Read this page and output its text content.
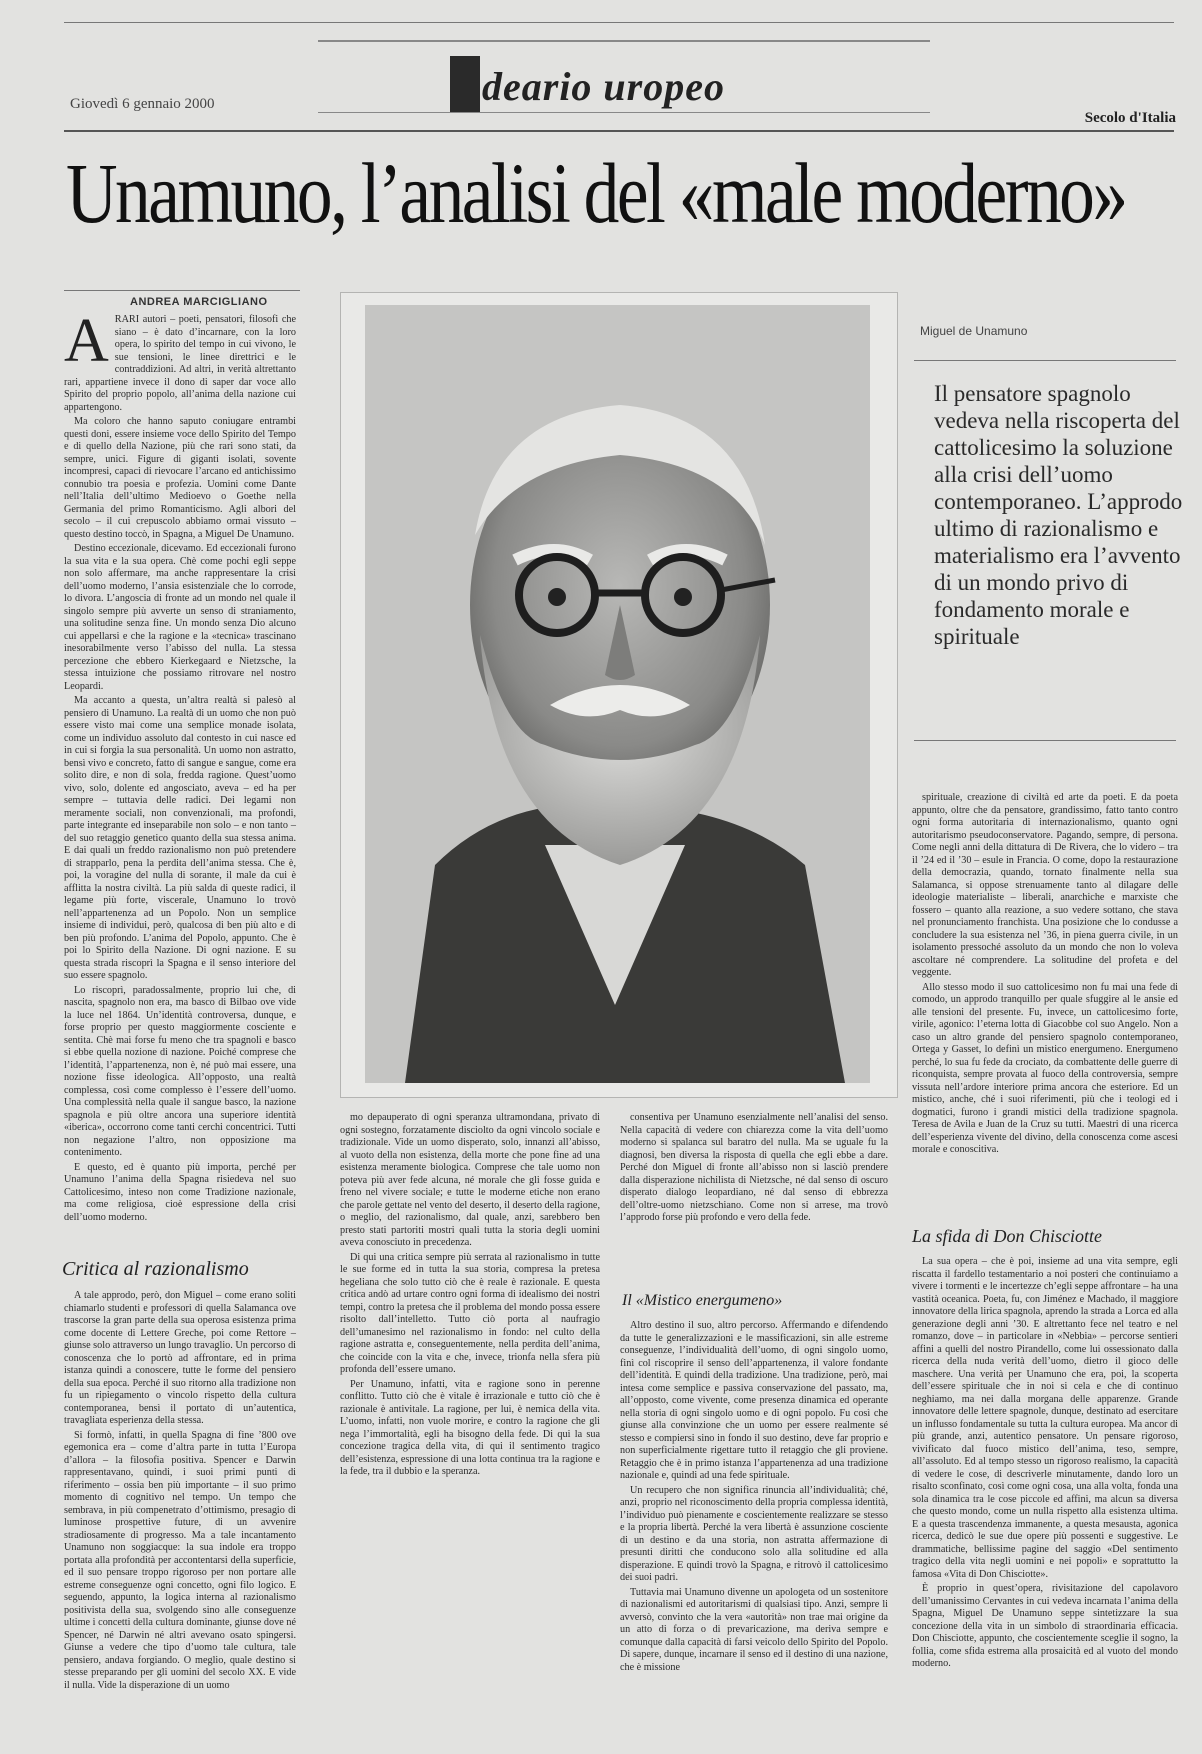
deario uropeo
Giovedì 6 gennaio 2000
Secolo d'Italia
Unamuno, l’analisi del «male moderno»
ANDREA MARCIGLIANO

ARARI autori – poeti, pensatori, filosofi che siano – è dato d’incarnare, con la loro opera, lo spirito del tempo in cui vivono, le sue tensioni, le linee direttrici e le contraddizioni. Ad altri, in verità altrettanto rari, appartiene invece il dono di saper dar voce allo Spirito del proprio popolo, all’anima della nazione cui appartengono.

Ma coloro che hanno saputo coniugare entrambi questi doni, essere insieme voce dello Spirito del Tempo e di quello della Nazione, più che rari sono stati, da sempre, unici. Figure di giganti isolati, sovente incompresi, capaci di rievocare l’arcano ed antichissimo connubio tra poesia e profezia. Uomini come Dante nell’Italia dell’ultimo Medioevo o Goethe nella Germania del primo Romanticismo. Agli albori del secolo – il cui crepuscolo abbiamo ormai vissuto – questo destino toccò, in Spagna, a Miguel De Unamuno.

Destino eccezionale, dicevamo. Ed eccezionali furono la sua vita e la sua opera. Chè come pochi egli seppe non solo affermare, ma anche rappresentare la crisi dell’uomo moderno, l’ansia esistenziale che lo corrode, lo divora. L’angoscia di fronte ad un mondo nel quale il singolo sempre più avverte un senso di straniamento, una solitudine senza fine. Un mondo senza Dio alcuno cui appellarsi e che la ragione e la «tecnica» trascinano inesorabilmente verso l’abisso del nulla. La stessa percezione che ebbero Kierkegaard e Nietzsche, la stessa intuizione che possiamo ritrovare nel nostro Leopardi.

Ma accanto a questa, un’altra realtà si palesò al pensiero di Unamuno. La realtà di un uomo che non può essere visto mai come una semplice monade isolata, come un individuo assoluto dal contesto in cui nasce ed in cui si forgia la sua personalità. Un uomo non astratto, bensì vivo e concreto, fatto di sangue e sangue, come era solito dire, e non di sola, fredda ragione. Quest’uomo vivo, solo, dolente ed angosciato, aveva – ed ha per sempre – tuttavia delle radici. Dei legami non meramente sociali, non convenzionali, ma profondi, parte integrante ed inseparabile non solo – e non tanto – del suo retaggio genetico quanto della sua stessa anima. E dai quali un freddo razionalismo non può pretendere di strapparlo, pena la perdita dell’anima stessa. Che è, poi, la voragine del nulla di sorante, il male da cui è afflitta la nostra civiltà. La più salda di queste radici, il legame più forte, viscerale, Unamuno lo trovò nell’appartenenza ad un Popolo. Non un semplice insieme di individui, però, qualcosa di ben più alto e di ben più profondo. L’anima del Popolo, appunto. Che è poi lo Spirito della Nazione. Di ogni nazione. E su questa strada riscoprì la Spagna e il senso interiore del suo essere spagnolo.

Lo riscoprì, paradossalmente, proprio lui che, di nascita, spagnolo non era, ma basco di Bilbao ove vide la luce nel 1864. Un’identità controversa, dunque, e forse proprio per questo maggiormente cosciente e sentita. Chè mai forse fu meno che tra spagnoli e basco si ebbe quella nozione di nazione. Poiché comprese che l’identità, l’appartenenza, non è, né può mai essere, una nozione fisse ideologica. All’opposto, una realtà complessa, così come complesso è l’essere dell’uomo. Una complessità nella quale il sangue basco, la nazione spagnola e più oltre ancora una superiore identità «iberica», occorrono come tanti cerchi concentrici. Tutti non negazione l’altro, non opposizione ma contenimento.

E questo, ed è quanto più importa, perché per Unamuno l’anima della Spagna risiedeva nel suo Cattolicesimo, inteso non come Tradizione nazionale, ma come religiosa, cioè espressione della crisi dell’uomo moderno.

Critica al razionalismo

A tale approdo, però, don Miguel – come erano soliti chiamarlo studenti e professori di quella Salamanca ove trascorse la gran parte della sua operosa esistenza prima come docente di Lettere Greche, poi come Rettore – giunse solo attraverso un lungo travaglio. Un percorso di conoscenza che lo portò ad affrontare, ed in prima istanza quindi a conoscere, tutte le forme del pensiero della sua epoca. Perché il suo ritorno alla tradizione non fu un ripiegamento o vincolo rispetto della cultura contemporanea, bensì il portato di un’autentica, travagliata esperienza della stessa.

Si formò, infatti, in quella Spagna di fine ’800 ove egemonica era – come d’altra parte in tutta l’Europa d’allora – la filosofia positiva. Spencer e Darwin rappresentavano, quindi, i suoi primi punti di riferimento – ossia ben più importante – il suo primo momento di cognitivo nel tempo. Un tempo che sembrava, in più compenetrato d’ottimismo, presagio di luminose prospettive future, di un avvenire stradiosamente di progresso. Ma a tale incantamento Unamuno non soggiacque: la sua indole era troppo portata alla profondità per accontentarsi della superficie, ed il suo pensare troppo rigoroso per non portare alle estreme conseguenze ogni concetto, ogni filo logico. E seguendo, appunto, la logica interna al razionalismo positivista della sua, svolgendo sino alle conseguenze ultime i concetti della cultura dominante, giunse dove né Spencer, né Darwin né altri avevano osato spingersi. Giunse a vedere che tipo d’uomo tale cultura, tale pensiero, andava forgiando. O meglio, quale destino si stesse preparando per gli uomini del secolo XX. E vide il nulla. Vide la disperazione di un uomo

Miguel de Unamuno
Il pensatore spagnolo vedeva nella riscoperta del cattolicesimo la soluzione alla crisi dell’uomo contemporaneo. L’approdo ultimo di razionalismo e materialismo era l’avvento di un mondo privo di fondamento morale e spirituale

mo depauperato di ogni speranza ultramondana, privato di ogni sostegno, forzatamente disciolto da ogni vincolo sociale e tradizionale. Vide un uomo disperato, solo, innanzi all’abisso, al vuoto della non esistenza, della morte che pone fine ad una esistenza meramente biologica. Comprese che tale uomo non poteva più aver fede alcuna, né morale che gli fosse guida e freno nel vivere sociale; e tutte le moderne etiche non erano che parole gettate nel vento del deserto, il deserto della ragione, o meglio, del razionalismo, dal quale, anzi, sarebbero ben presto stati partoriti mostri quali tutta la storia degli uomini aveva conosciuto in precedenza.

Di qui una critica sempre più serrata al razionalismo in tutte le sue forme ed in tutta la sua storia, compresa la pretesa hegeliana che solo tutto ciò che è reale è razionale. E questa critica andò ad urtare contro ogni forma di idealismo dei nostri tempi, contro la pretesa che il problema del mondo possa essere risolto dall’intelletto. Tutto ciò porta al naufragio dell’umanesimo nel razionalismo in fondo: nel culto della ragione astratta e, conseguentemente, nella perdita dell’anima, che coincide con la vita e che, invece, trionfa nella sfera più profonda dell’essere umano.

Per Unamuno, infatti, vita e ragione sono in perenne conflitto. Tutto ciò che è vitale è irrazionale e tutto ciò che è razionale è antivitale. La ragione, per lui, è nemica della vita. L’uomo, infatti, non vuole morire, e contro la ragione che gli nega l’immortalità, egli ha bisogno della fede. Di qui la sua concezione tragica della vita, di qui il sentimento tragico dell’esistenza, espressione di una lotta continua tra la ragione e la fede, tra il dubbio e la speranza.

consentiva per Unamuno esenzialmente nell’analisi del senso. Nella capacità di vedere con chiarezza come la vita dell’uomo moderno si spalanca sul baratro del nulla. Ma se uguale fu la diagnosi, ben diversa la risposta di quella che egli ebbe a dare. Perché don Miguel di fronte all’abisso non si lasciò prendere dalla disperazione nichilista di Nietzsche, né dal senso di oscuro disperato dialogo leopardiano, né dal senso di ebbrezza dell’oltre-uomo nietzschiano. Come non si arrese, ma trovò l’approdo forse più profondo e vero della fede.

Il «Mistico energumeno»

Altro destino il suo, altro percorso. Affermando e difendendo da tutte le generalizzazioni e le massificazioni, sin alle estreme conseguenze, l’individualità dell’uomo, di ogni singolo uomo, finì col riscoprire il senso dell’appartenenza, il valore fondante dell’identità. E quindi della tradizione. Una tradizione, però, mai intesa come semplice e passiva conservazione del passato, ma, all’opposto, come vivente, come presenza dinamica ed operante nella storia di ogni singolo uomo e di ogni popolo. Fu così che giunse alla convinzione che un uomo per essere realmente sé stesso e compiersi sino in fondo il suo destino, deve far proprio e non superficialmente rigettare tutto il retaggio che gli proviene. Retaggio che è in primo istanza l’appartenenza ad una tradizione nazionale e, quindi ad una fede spirituale.

Un recupero che non significa rinuncia all’individualità; ché, anzi, proprio nel riconoscimento della propria complessa identità, l’individuo può pienamente e coscientemente realizzare se stesso e la propria libertà. Perché la vera libertà è assunzione cosciente di un destino e da una storia, non astratta affermazione di presunti diritti che conducono solo alla solitudine ed alla disperazione. E quindi trovò la Spagna, e ritrovò il cattolicesimo dei suoi padri.

Tuttavia mai Unamuno divenne un apologeta od un sostenitore di nazionalismi ed autoritarismi di qualsiasi tipo. Anzi, sempre li avversò, convinto che la vera «autorità» non trae mai origine da un atto di forza o di prevaricazione, ma deriva sempre e comunque dalla capacità di farsi veicolo dello Spirito del Popolo. Di sapere, dunque, incarnare il senso ed il destino di una nazione, che è missione

spirituale, creazione di civiltà ed arte da poeti. E da poeta appunto, oltre che da pensatore, grandissimo, fatto tanto contro ogni forma autoritaria di internazionalismo, quanto ogni autoritarismo pseudoconservatore. Pagando, sempre, di persona. Come negli anni della dittatura di De Rivera, che lo videro – tra il ’24 ed il ’30 – esule in Francia. O come, dopo la restaurazione della democrazia, quando, tornato finalmente nella sua Salamanca, si oppose strenuamente tanto al dilagare delle ideologie materialiste – liberali, anarchiche e marxiste che fossero – quanto alla reazione, a suo vedere sottano, che stava nel pronunciamento franchista. Una posizione che lo condusse a concludere la sua esistenza nel ’36, in piena guerra civile, in un isolamento pressoché assoluto da un mondo che non lo voleva ascoltare né comprendere. La solitudine del profeta e del veggente.

Allo stesso modo il suo cattolicesimo non fu mai una fede di comodo, un approdo tranquillo per quale sfuggire al le ansie ed alle tensioni del presente. Fu, invece, un cattolicesimo forte, virile, agonico: l’eterna lotta di Giacobbe col suo Angelo. Non a caso un altro grande del pensiero spagnolo contemporaneo, Ortega y Gasset, lo definì un mistico energumeno. Energumeno perché, lo sua fu fede da crociato, da combattente delle guerre di riconquista, sempre provata al fuoco della controversia, sempre vissuta nell’ardore interiore prima ancora che esteriore. Ed un mistico, anche, ché i suoi riferimenti, più che i teologi ed i dogmatici, furono i grandi mistici della tradizione spagnola. Teresa de Avila e Juan de la Cruz su tutti. Maestri di una ricerca dell’esperienza vivente del divino, della conoscenza come ascesi morale e conoscitiva.

La sfida di Don Chisciotte

La sua opera – che è poi, insieme ad una vita sempre, egli riscatta il fardello testamentario a noi posteri che continuiamo a vivere i tormenti e le incertezze ch’egli seppe affrontare – ha una vastità oceanica. Poeta, fu, con Jiménez e Machado, il maggiore innovatore della lirica spagnola, aprendo la strada a Lorca ed alla generazione degli anni ’30. E altrettanto fece nel teatro e nel romanzo, dove – in particolare in «Nebbia» – percorse sentieri affini a quelli del nostro Pirandello, come lui ossessionato dalla ricerca della nuda verità dell’uomo, dietro il gioco delle maschere. Una verità per Unamuno che era, poi, la scoperta dell’essere spirituale che in noi si cela e che di continuo neghiamo, ma nei dalla morgana delle apparenze. Grande innovatore delle lettere spagnole, dunque, destinato ad esercitare un influsso fondamentale su tutta la cultura europea. Ma ancor di più grande, anzi, autentico pensatore. Un pensare rigoroso, vivificato dal fuoco mistico dell’anima, teso, sempre, all’assoluto. Ed al tempo stesso un rigoroso realismo, la capacità di vedere le cose, di descriverle minutamente, dando loro un risalto sconfinato, così come ogni cosa, una alla volta, fonda una sola dinamica tra le cose piccole ed affini, ma alcun sa diversa che questo mondo, come un nulla rispetto alla esistenza ultima. E a questa trascendenza immanente, a questa mesausta, agonica ricerca, dedicò le sue due opere più possenti e suggestive. Le drammatiche, bellissime pagine del saggio «Del sentimento tragico della vita negli uomini e nei popoli» e soprattutto la famosa «Vita di Don Chisciotte».

È proprio in quest’opera, rivisitazione del capolavoro dell’umanissimo Cervantes in cui vedeva incarnata l’anima della Spagna, Miguel De Unamuno seppe sintetizzare la sua concezione della vita in un simbolo di straordinaria efficacia. Don Chisciotte, appunto, che coscientemente sceglie il sogno, la follia, come sfida estrema alla prosaicità ed al vuoto del mondo moderno.
